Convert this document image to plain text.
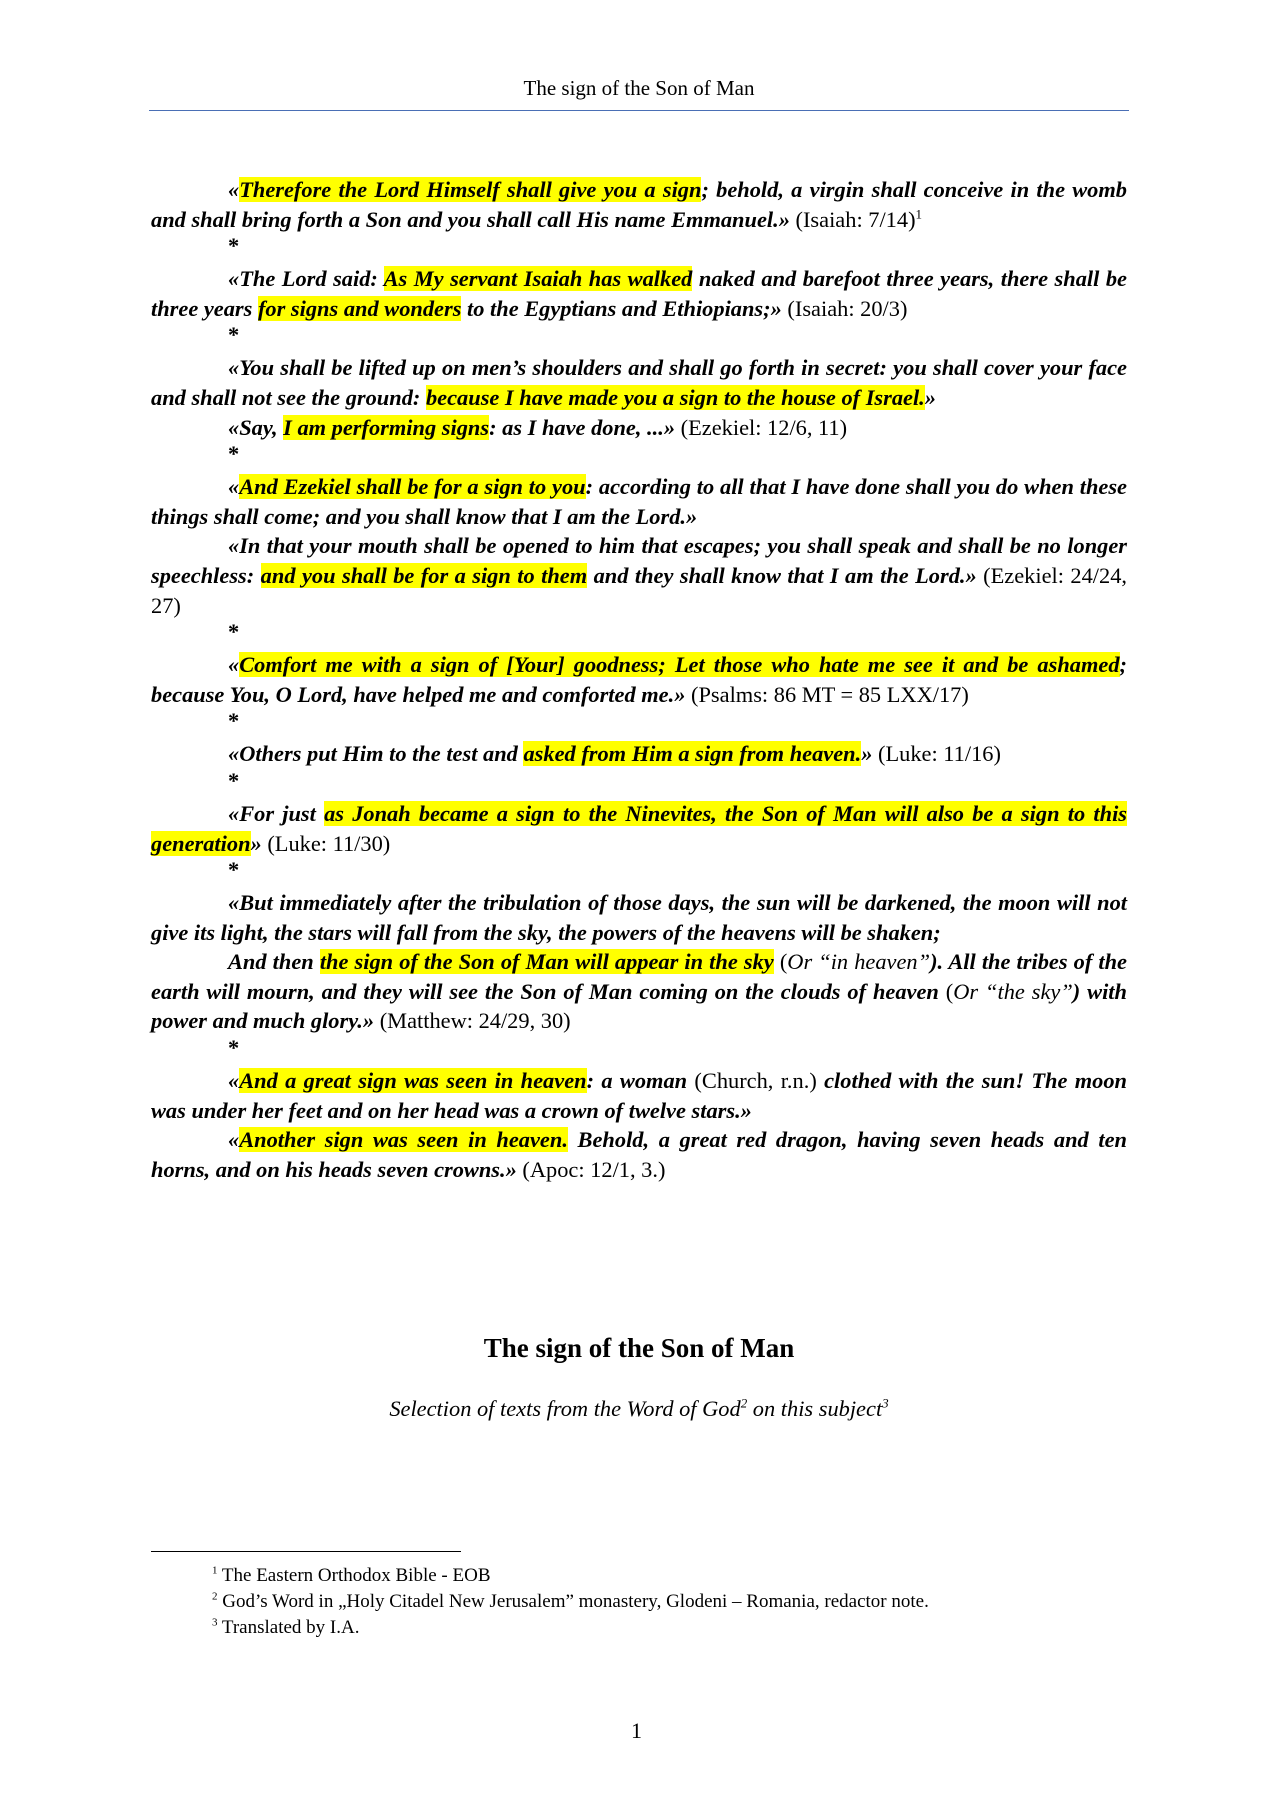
The sign of the Son of Man

«Therefore the Lord Himself shall give you a sign; behold, a virgin shall conceive in the womb and shall bring forth a Son and you shall call His name Emmanuel.» (Isaiah: 7/14)$^1$

*

«The Lord said: As My servant Isaiah has walked naked and barefoot three years, there shall be three years for signs and wonders to the Egyptians and Ethiopians;» (Isaiah: 20/3)

*

«You shall be lifted up on men’s shoulders and shall go forth in secret: you shall cover your face and shall not see the ground: because I have made you a sign to the house of Israel.»

«Say, I am performing signs: as I have done, ...» (Ezekiel: 12/6, 11)

*

«And Ezekiel shall be for a sign to you: according to all that I have done shall you do when these things shall come; and you shall know that I am the Lord.»

«In that your mouth shall be opened to him that escapes; you shall speak and shall be no longer speechless: and you shall be for a sign to them and they shall know that I am the Lord.» (Ezekiel: 24/24, 27)

*

«Comfort me with a sign of [Your] goodness; Let those who hate me see it and be ashamed; because You, O Lord, have helped me and comforted me.» (Psalms: 86 MT = 85 LXX/17)

*

«Others put Him to the test and asked from Him a sign from heaven.» (Luke: 11/16)

*

«For just as Jonah became a sign to the Ninevites, the Son of Man will also be a sign to this generation» (Luke: 11/30)

*

«But immediately after the tribulation of those days, the sun will be darkened, the moon will not give its light, the stars will fall from the sky, the powers of the heavens will be shaken;

And then the sign of the Son of Man will appear in the sky (Or “in heaven”). All the tribes of the earth will mourn, and they will see the Son of Man coming on the clouds of heaven (Or “the sky”) with power and much glory.» (Matthew: 24/29, 30)

*

«And a great sign was seen in heaven: a woman (Church, r.n.) clothed with the sun! The moon was under her feet and on her head was a crown of twelve stars.»

«Another sign was seen in heaven. Behold, a great red dragon, having seven heads and ten horns, and on his heads seven crowns.» (Apoc: 12/1, 3.)

The sign of the Son of Man
Selection of texts from the Word of God$^2$ on this subject$^3$
$^1$ The Eastern Orthodox Bible - EOB
$^2$ God’s Word in „Holy Citadel New Jerusalem” monastery, Glodeni – Romania, redactor note.
$^3$ Translated by I.A.
1
